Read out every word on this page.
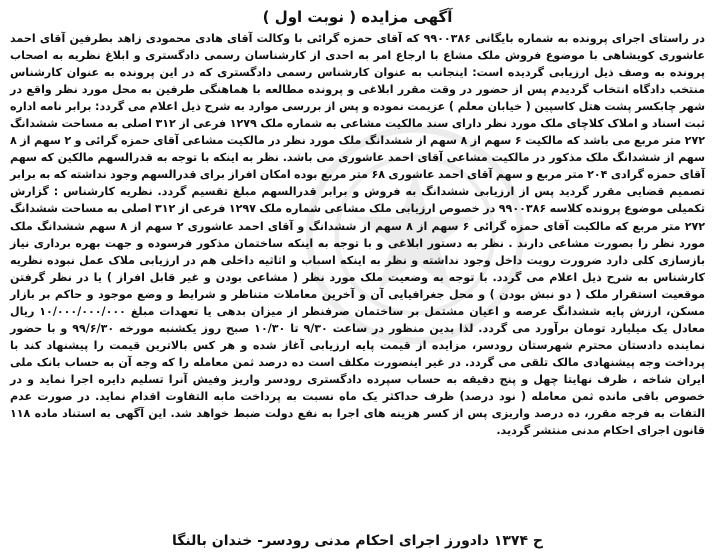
آگهی مزایده ( نوبت اول )

در راستای اجرای پرونده به شماره بایگانی ۹۹۰۰۳۸۶ که آقای حمزه گرائی با وکالت آقای هادی محمودی زاهد بطرفین آقای احمد عاشوری کویشاهی با موضوع فروش ملک مشاع با ارجاع امر به احدی از کارشناسان رسمی دادگستری و ابلاغ نظریه به اصحاب پرونده به وصف ذیل ارزیابی گردیده است: اینجانب به عنوان کارشناس رسمی دادگستری که در این پرونده به عنوان کارشناس منتخب دادگاه انتخاب گردیدم پس از حضور در وقت مقرر ابلاغی و پرونده مطالعه با هماهنگی طرفین به محل مورد نظر واقع در شهر چابکسر پشت هتل کاسپین ( خیابان معلم ) عزیمت نموده و پس از بررسی موارد به شرح ذیل اعلام می گردد: برابر نامه اداره ثبت اسناد و املاک کلاچای ملک مورد نظر دارای سند مالکیت مشاعی به شماره ملک ۱۲۷۹ فرعی از ۳۱۲ اصلی به مساحت ششدانگ ۲۷۲ متر مربع می باشد که مالکیت ۶ سهم از ۸ سهم از ششدانگ ملک مورد نظر در مالکیت مشاعی آقای حمزه گرائی و ۲ سهم از ۸ سهم از ششدانگ ملک مذکور در مالکیت مشاعی آقای احمد عاشوری می باشد. نظر به اینکه با توجه به قدرالسهم مالکین که سهم آقای حمزه گرادی ۲۰۴ متر مربع و سهم آقای احمد عاشوری ۶۸ متر مربع بوده امکان افراز برای قدرالسهم وجود نداشته که به برابر تصمیم قضایی مقرر گردید پس از ارزیابی ششدانگ به فروش و برابر قدرالسهم مبلغ تقسیم گردد. نظریه کارشناس : گزارش تکمیلی موضوع پرونده کلاسه ۹۹۰۰۳۸۶ در خصوص ارزیابی ملک مشاعی شماره ملک ۱۲۹۷ فرعی از ۳۱۲ اصلی به مساحت ششدانگ ۲۷۲ متر مربع که مالکیت آقای حمزه گرائی ۶ سهم از ۸ سهم از ششدانگ و آقای احمد عاشوری ۲ سهم از ۸ سهم ششدانگ ملک مورد نظر را بصورت مشاعی دارند . نظر به دستور ابلاغی و با توجه به اینکه ساختمان مذکور فرسوده و جهت بهره برداری نیاز بازسازی کلی دارد ضرورت رویت داخل وجود نداشته و نظر به اینکه اسباب و اثاثیه داخلی هم در ارزیابی ملاک عمل نبوده نظریه کارشناس به شرح ذیل اعلام می گردد. با توجه به وضعیت ملک مورد نظر ( مشاعی بودن و غیر قابل افراز ) یا در نظر گرفتن موقعیت استقرار ملک ( دو نبش بودن ) و محل جغرافیایی آن و آخرین معاملات متناظر و شرایط و وضع موجود و حاکم بر بازار مسکن، ارزش پایه ششدانگ عرصه و اعیان مشتمل بر ساختمان صرفنظر از میزان بدهی یا تعهدات مبلغ ۱۰/۰۰۰/۰۰۰/۰۰۰ ریال معادل یک میلیارد تومان برآورد می گردد. لذا بدین منظور در ساعت ۹/۳۰ تا ۱۰/۳۰ صبح روز یکشنبه مورخه ۹۹/۶/۳۰ و با حضور نماینده دادستان محترم شهرستان رودسر، مزایده از قیمت پایه ارزیابی آغاز شده و هر کس بالاترین قیمت را پیشنهاد کند با پرداخت وجه پیشنهادی مالک تلقی می گردد. در غیر اینصورت مکلف است ده درصد ثمن معامله را که وجه آن به حساب بانک ملی ایران شاخه ، ظرف نهایتا چهل و پنج دقیقه به حساب سپرده دادگستری رودسر واریز وفیش آنرا تسلیم دایره اجرا نماید و در خصوص باقی مانده ثمن معامله ( نود درصد) ظرف حداکثر یک ماه نسبت به پرداخت مابه التفاوت اقدام نماید. در صورت عدم التفات به فرجه مقرر، ده درصد واریزی پس از کسر هزینه های اجرا به نفع دولت ضبط خواهد شد. این آگهی به استناد ماده ۱۱۸ قانون اجرای احکام مدنی منتشر گردید.

ح ۱۳۷۴ دادورز اجرای احکام مدنی رودسر- خندان بالنگا
